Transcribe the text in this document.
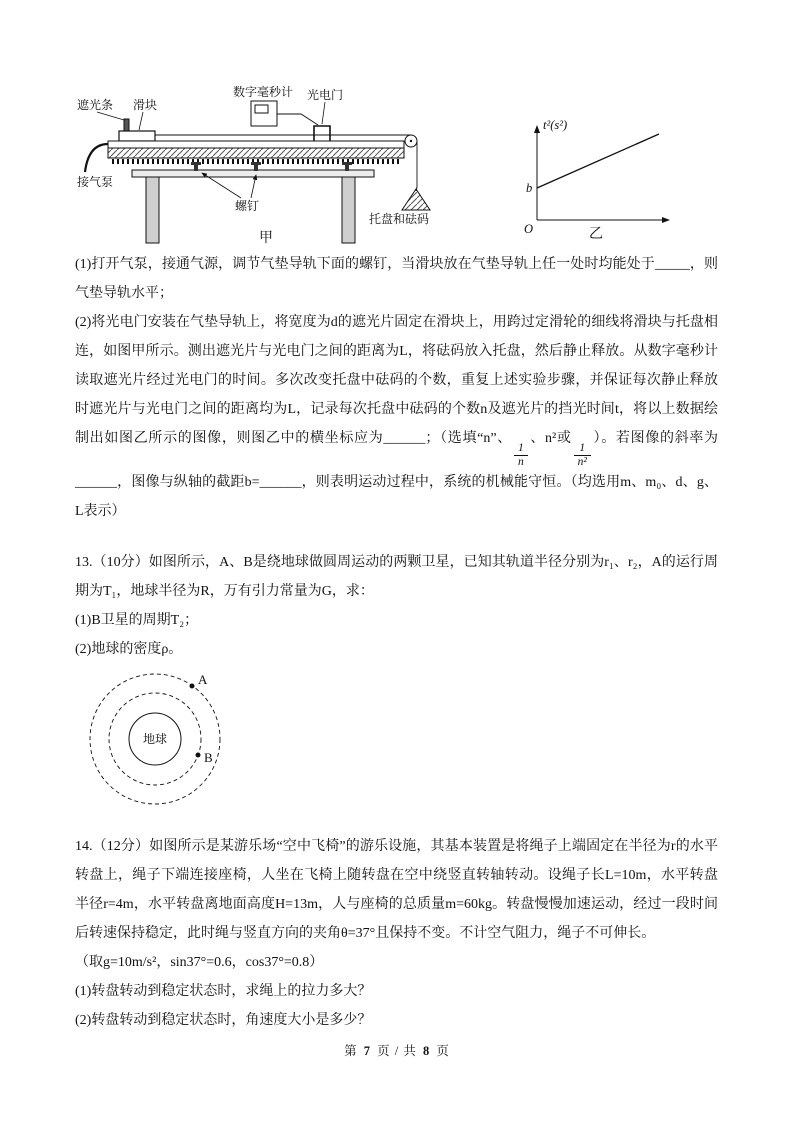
数字毫秒计 光电门
遮光条 滑块
托盘和砝码
螺钉
接气泵
甲
t²(s²)
b
O	乙

(1)打开气泵，接通气源，调节气垫导轨下面的螺钉，当滑块放在气垫导轨上任一处时均能处于_____，则气垫导轨水平；

(2)将光电门安装在气垫导轨上，将宽度为d的遮光片固定在滑块上，用跨过定滑轮的细线将滑块与托盘相连，如图甲所示。测出遮光片与光电门之间的距离为L，将砝码放入托盘，然后静止释放。从数字毫秒计读取遮光片经过光电门的时间。多次改变托盘中砝码的个数，重复上述实验步骤，并保证每次静止释放时遮光片与光电门之间的距离均为L，记录每次托盘中砝码的个数n及遮光片的挡光时间t，将以上数据绘制出如图乙所示的图像，则图乙中的横坐标应为______；（选填“n”、
$\frac{1}{n}$
、n²或
$\frac{1}{\text{n²}}$
）。若图像的斜率为______，图像与纵轴的截距b=______，则表明运动过程中，系统的机械能守恒。（均选用m、m₀、d、g、L表示）

13.（10分）如图所示，A、B是绕地球做圆周运动的两颗卫星，已知其轨道半径分别为r₁、r₂，A的运行周期为T₁，地球半径为R，万有引力常量为G，求：

(1)B卫星的周期T₂；

(2)地球的密度ρ。

地球
A
B

14.（12分）如图所示是某游乐场“空中飞椅”的游乐设施，其基本装置是将绳子上端固定在半径为r的水平转盘上，绳子下端连接座椅，人坐在飞椅上随转盘在空中绕竖直转轴转动。设绳子长L=10m，水平转盘半径r=4m，水平转盘离地面高度H=13m，人与座椅的总质量m=60kg。转盘慢慢加速运动，经过一段时间后转速保持稳定，此时绳与竖直方向的夹角θ=37°且保持不变。不计空气阻力，绳子不可伸长。

（取g=10m/s²，sin37°=0.6，cos37°=0.8）

(1)转盘转动到稳定状态时，求绳上的拉力多大？

(2)转盘转动到稳定状态时，角速度大小是多少？

第 7 页 / 共 8 页
